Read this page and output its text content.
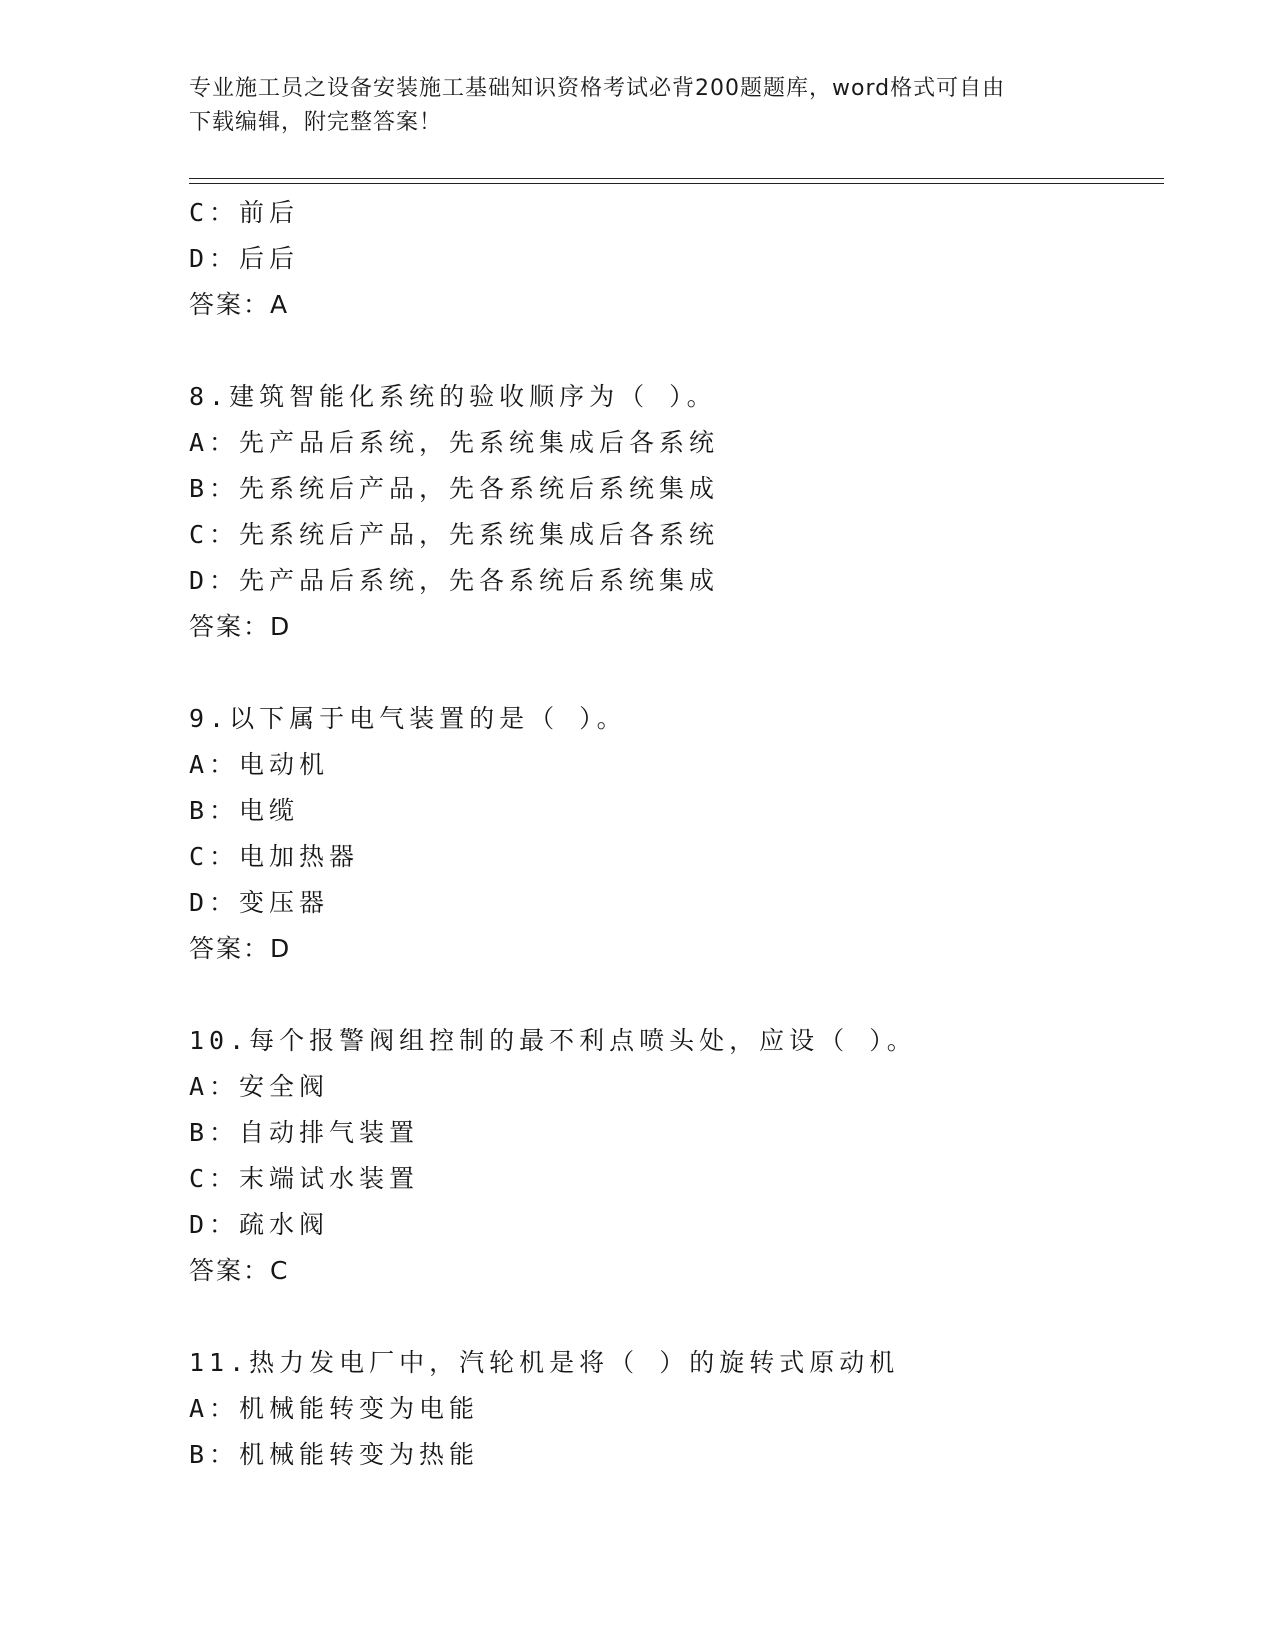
专业施工员之设备安装施工基础知识资格考试必背200题题库，word格式可自由
下载编辑，附完整答案！
C：前后
D：后后
答案：A
8.建筑智能化系统的验收顺序为（ ）。
A：先产品后系统，先系统集成后各系统
B：先系统后产品，先各系统后系统集成
C：先系统后产品，先系统集成后各系统
D：先产品后系统，先各系统后系统集成
答案：D
9.以下属于电气装置的是（ ）。
A：电动机
B：电缆
C：电加热器
D：变压器
答案：D
10.每个报警阀组控制的最不利点喷头处，应设（ ）。
A：安全阀
B：自动排气装置
C：末端试水装置
D：疏水阀
答案：C
11.热力发电厂中，汽轮机是将（ ）的旋转式原动机
A：机械能转变为电能
B：机械能转变为热能
